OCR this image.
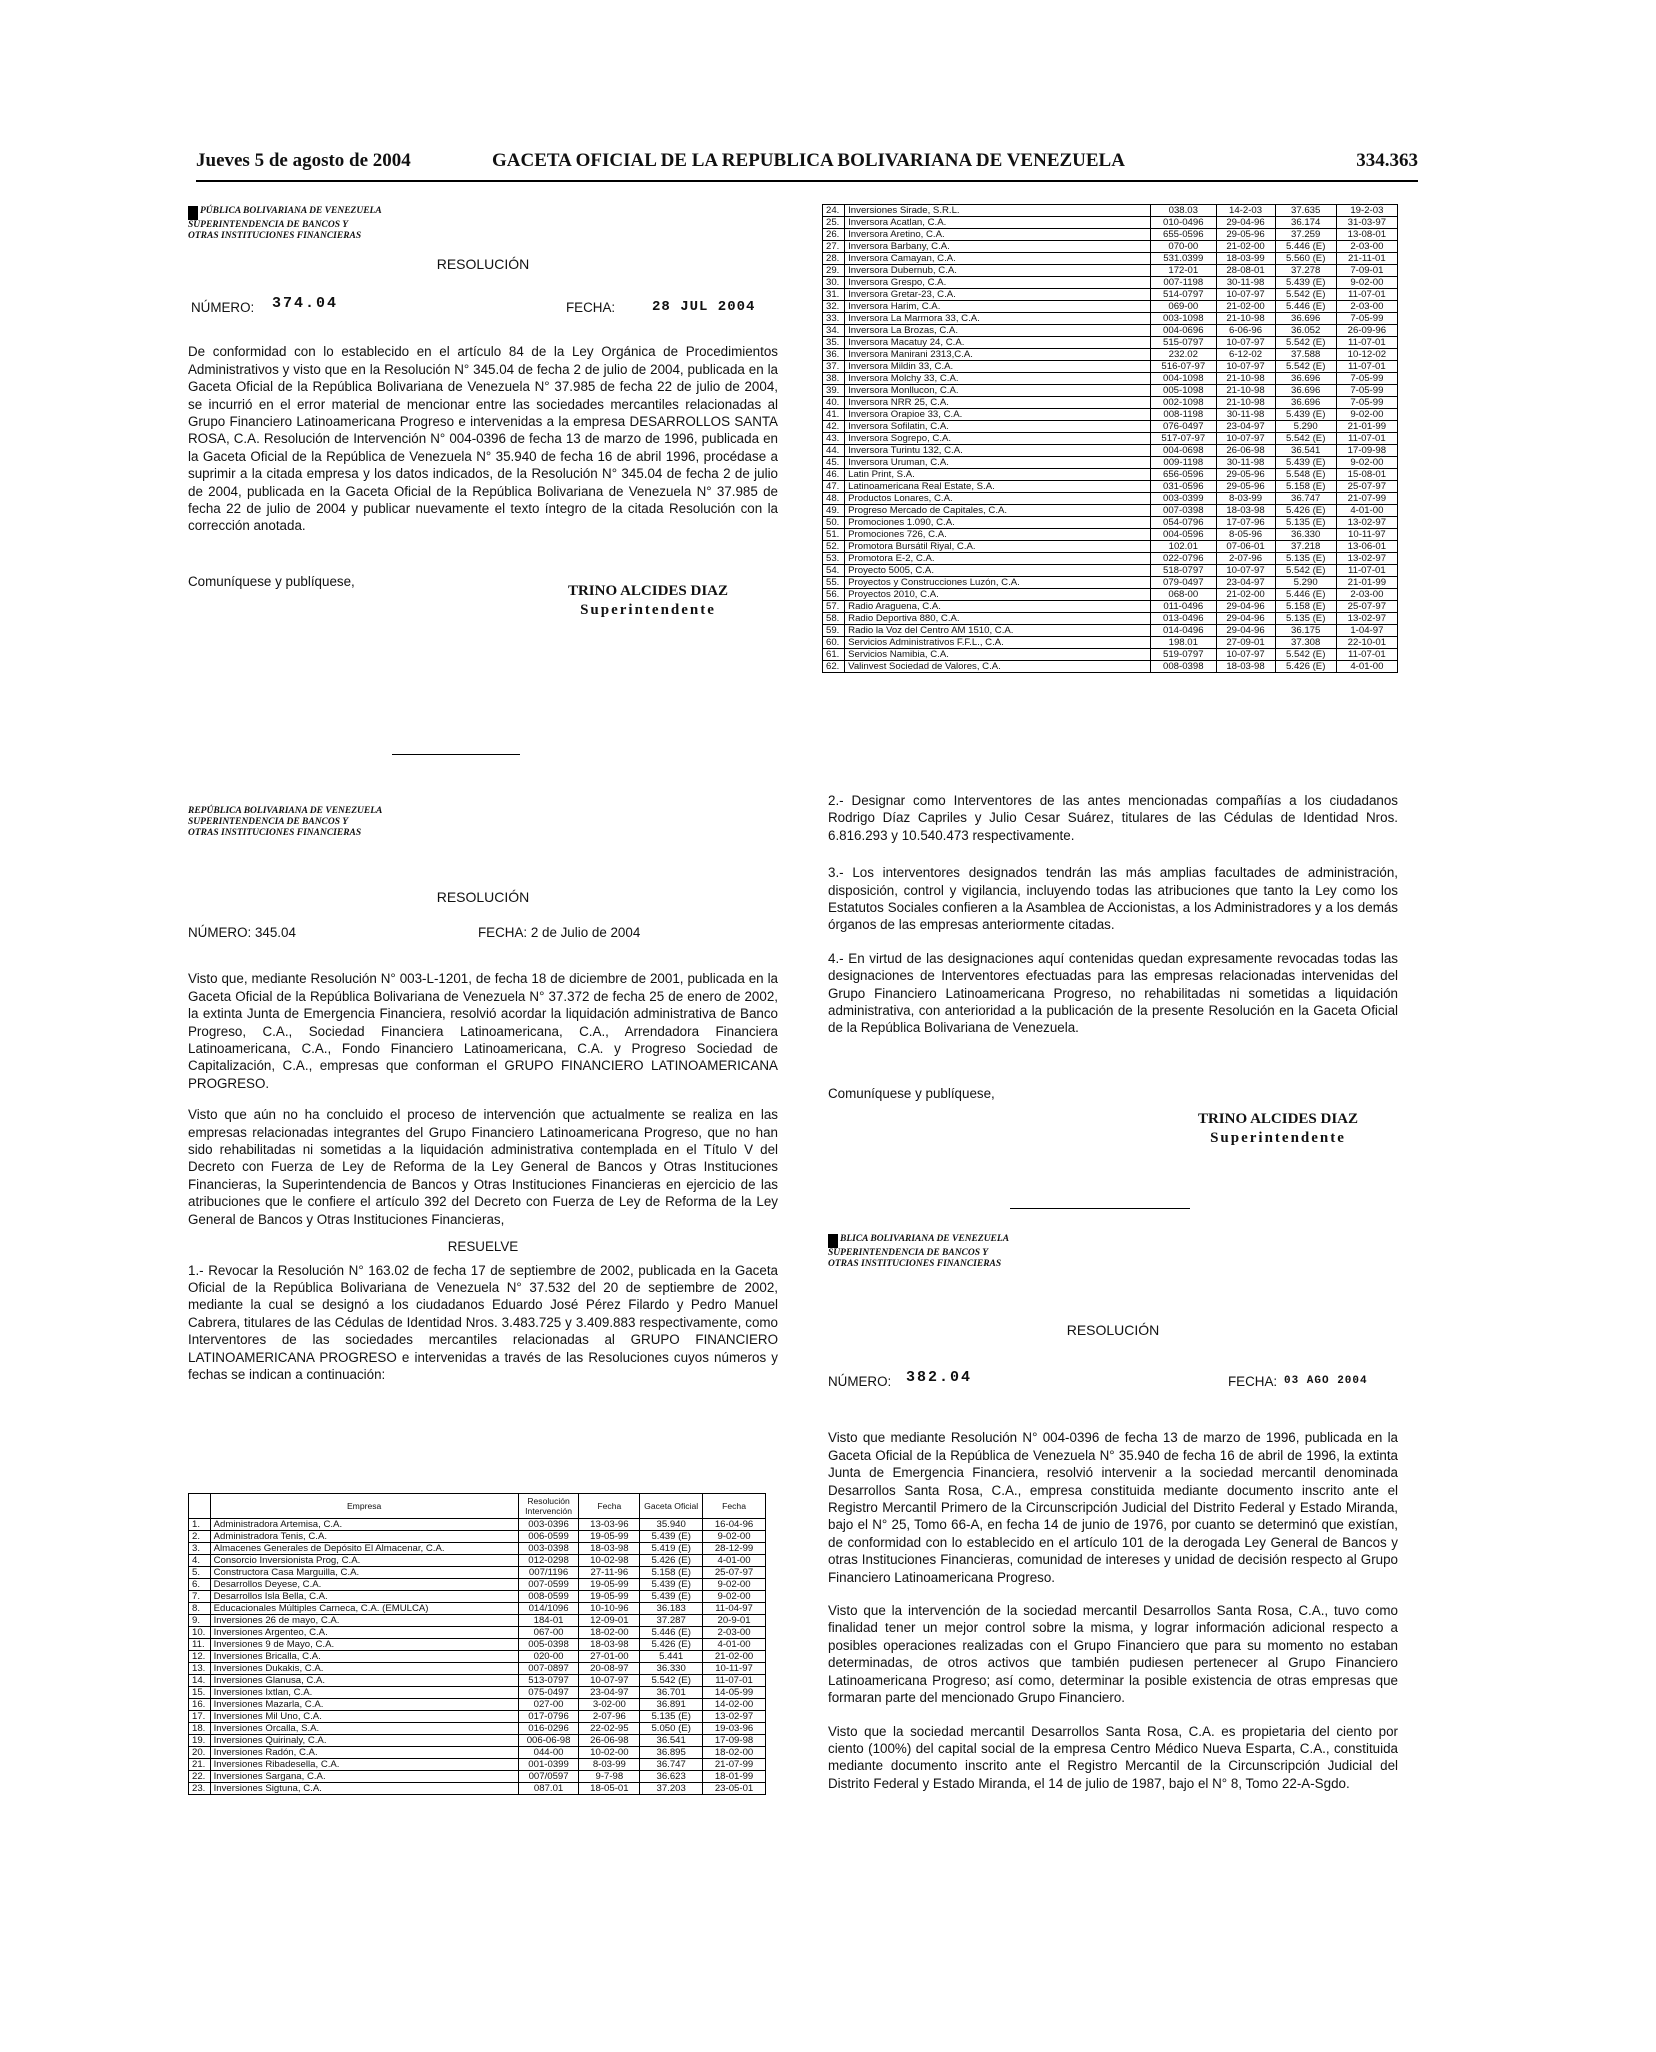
Jueves 5 de agosto de 2004	GACETA OFICIAL DE LA REPUBLICA BOLIVARIANA DE VENEZUELA	334.363
PÚBLICA BOLIVARIANA DE VENEZUELA
SUPERINTENDENCIA DE BANCOS Y
OTRAS INSTITUCIONES FINANCIERAS
RESOLUCIÓN
NÚMERO: 374.04	FECHA:	28 JUL 2004

De conformidad con lo establecido en el artículo 84 de la Ley Orgánica de Procedimientos Administrativos y visto que en la Resolución N° 345.04 de fecha 2 de julio de 2004, publicada en la Gaceta Oficial de la República Bolivariana de Venezuela N° 37.985 de fecha 22 de julio de 2004, se incurrió en el error material de mencionar entre las sociedades mercantiles relacionadas al Grupo Financiero Latinoamericana Progreso e intervenidas a la empresa DESARROLLOS SANTA ROSA, C.A. Resolución de Intervención N° 004-0396 de fecha 13 de marzo de 1996, publicada en la Gaceta Oficial de la República de Venezuela N° 35.940 de fecha 16 de abril 1996, procédase a suprimir a la citada empresa y los datos indicados, de la Resolución N° 345.04 de fecha 2 de julio de 2004, publicada en la Gaceta Oficial de la República Bolivariana de Venezuela N° 37.985 de fecha 22 de julio de 2004 y publicar nuevamente el texto íntegro de la citada Resolución con la corrección anotada.

Comuníquese y publíquese,
TRINO ALCIDES DIAZ
Superintendente
REPÚBLICA BOLIVARIANA DE VENEZUELA
SUPERINTENDENCIA DE BANCOS Y
OTRAS INSTITUCIONES FINANCIERAS
RESOLUCIÓN
NÚMERO: 345.04	FECHA: 2 de Julio de 2004

Visto que, mediante Resolución N° 003-L-1201, de fecha 18 de diciembre de 2001, publicada en la Gaceta Oficial de la República Bolivariana de Venezuela N° 37.372 de fecha 25 de enero de 2002, la extinta Junta de Emergencia Financiera, resolvió acordar la liquidación administrativa de Banco Progreso, C.A., Sociedad Financiera Latinoamericana, C.A., Arrendadora Financiera Latinoamericana, C.A., Fondo Financiero Latinoamericana, C.A. y Progreso Sociedad de Capitalización, C.A., empresas que conforman el GRUPO FINANCIERO LATINOAMERICANA PROGRESO.

Visto que aún no ha concluido el proceso de intervención que actualmente se realiza en las empresas relacionadas integrantes del Grupo Financiero Latinoamericana Progreso, que no han sido rehabilitadas ni sometidas a la liquidación administrativa contemplada en el Título V del Decreto con Fuerza de Ley de Reforma de la Ley General de Bancos y Otras Instituciones Financieras, la Superintendencia de Bancos y Otras Instituciones Financieras en ejercicio de las atribuciones que le confiere el artículo 392 del Decreto con Fuerza de Ley de Reforma de la Ley General de Bancos y Otras Instituciones Financieras,

RESUELVE

1.- Revocar la Resolución N° 163.02 de fecha 17 de septiembre de 2002, publicada en la Gaceta Oficial de la República Bolivariana de Venezuela N° 37.532 del 20 de septiembre de 2002, mediante la cual se designó a los ciudadanos Eduardo José Pérez Filardo y Pedro Manuel Cabrera, titulares de las Cédulas de Identidad Nros. 3.483.725 y 3.409.883 respectivamente, como Interventores de las sociedades mercantiles relacionadas al GRUPO FINANCIERO LATINOAMERICANA PROGRESO e intervenidas a través de las Resoluciones cuyos números y fechas se indican a continuación:

	Empresa	Resolución Intervención	Fecha	Gaceta Oficial	Fecha
1.	Administradora Artemisa, C.A.	003-0396	13-03-96	35.940	16-04-96
2.	Administradora Tenis, C.A.	006-0599	19-05-99	5.439 (E)	9-02-00
3.	Almacenes Generales de Depósito El Almacenar, C.A.	003-0398	18-03-98	5.419 (E)	28-12-99
4.	Consorcio Inversionista Prog, C.A.	012-0298	10-02-98	5.426 (E)	4-01-00
5.	Constructora Casa Marguilla, C.A.	007/1196	27-11-96	5.158 (E)	25-07-97
6.	Desarrollos Deyese, C.A.	007-0599	19-05-99	5.439 (E)	9-02-00
7.	Desarrollos Isla Bella, C.A.	008-0599	19-05-99	5.439 (E)	9-02-00
8.	Educacionales Múltiples Carneca, C.A. (EMULCA)	014/1096	10-10-96	36.183	11-04-97
9.	Inversiones 26 de mayo, C.A.	184-01	12-09-01	37.287	20-9-01
10.	Inversiones Argenteo, C.A.	067-00	18-02-00	5.446 (E)	2-03-00
11.	Inversiones 9 de Mayo, C.A.	005-0398	18-03-98	5.426 (E)	4-01-00
12.	Inversiones Bricalla, C.A.	020-00	27-01-00	5.441	21-02-00
13.	Inversiones Dukakis, C.A.	007-0897	20-08-97	36.330	10-11-97
14.	Inversiones Glanusa, C.A.	513-0797	10-07-97	5.542 (E)	11-07-01
15.	Inversiones Ixtlan, C.A.	075-0497	23-04-97	36.701	14-05-99
16.	Inversiones Mazarla, C.A.	027-00	3-02-00	36.891	14-02-00
17.	Inversiones Mil Uno, C.A.	017-0796	2-07-96	5.135 (E)	13-02-97
18.	Inversiones Orcalla, S.A.	016-0296	22-02-95	5.050 (E)	19-03-96
19.	Inversiones Quirinaly, C.A.	006-06-98	26-06-98	36.541	17-09-98
20.	Inversiones Radón, C.A.	044-00	10-02-00	36.895	18-02-00
21.	Inversiones Ribadesella, C.A.	001-0399	8-03-99	36.747	21-07-99
22.	Inversiones Sargana, C.A.	007/0597	9-7-98	36.623	18-01-99
23.	Inversiones Sigtuna, C.A.	087.01	18-05-01	37.203	23-05-01
24.	Inversiones Sirade, S.R.L.	038.03	14-2-03	37.635	19-2-03
25.	Inversora Acatlan, C.A.	010-0496	29-04-96	36.174	31-03-97
26.	Inversora Aretino, C.A.	655-0596	29-05-96	37.259	13-08-01
27.	Inversora Barbany, C.A.	070-00	21-02-00	5.446 (E)	2-03-00
28.	Inversora Camayan, C.A.	531.0399	18-03-99	5.560 (E)	21-11-01
29.	Inversora Dubernub, C.A.	172-01	28-08-01	37.278	7-09-01
30.	Inversora Grespo, C.A.	007-1198	30-11-98	5.439 (E)	9-02-00
31.	Inversora Gretar-23, C.A.	514-0797	10-07-97	5.542 (E)	11-07-01
32.	Inversora Harim, C.A.	069-00	21-02-00	5.446 (E)	2-03-00
33.	Inversora La Marmora 33, C.A.	003-1098	21-10-98	36.696	7-05-99
34.	Inversora La Brozas, C.A.	004-0696	6-06-96	36.052	26-09-96
35.	Inversora Macatuy 24, C.A.	515-0797	10-07-97	5.542 (E)	11-07-01
36.	Inversora Manirani 2313,C.A.	232.02	6-12-02	37.588	10-12-02
37.	Inversora Mildin 33, C.A.	516-07-97	10-07-97	5.542 (E)	11-07-01
38.	Inversora Molchy 33, C.A.	004-1098	21-10-98	36.696	7-05-99
39.	Inversora Monllucon, C.A.	005-1098	21-10-98	36.696	7-05-99
40.	Inversora NRR 25, C.A.	002-1098	21-10-98	36.696	7-05-99
41.	Inversora Orapioe 33, C.A.	008-1198	30-11-98	5.439 (E)	9-02-00
42.	Inversora Sofilatin, C.A.	076-0497	23-04-97	5.290	21-01-99
43.	Inversora Sogrepo, C.A.	517-07-97	10-07-97	5.542 (E)	11-07-01
44.	Inversora Turintu 132, C.A.	004-0698	26-06-98	36.541	17-09-98
45.	Inversora Uruman, C.A.	009-1198	30-11-98	5.439 (E)	9-02-00
46.	Latin Print, S.A.	656-0596	29-05-96	5.548 (E)	15-08-01
47.	Latinoamericana Real Estate, S.A.	031-0596	29-05-96	5.158 (E)	25-07-97
48.	Productos Lonares, C.A.	003-0399	8-03-99	36.747	21-07-99
49.	Progreso Mercado de Capitales, C.A.	007-0398	18-03-98	5.426 (E)	4-01-00
50.	Promociones 1.090, C.A.	054-0796	17-07-96	5.135 (E)	13-02-97
51.	Promociones 726, C.A.	004-0596	8-05-96	36.330	10-11-97
52.	Promotora Bursátil Riyal, C.A.	102.01	07-06-01	37.218	13-06-01
53.	Promotora E-2, C.A.	022-0796	2-07-96	5.135 (E)	13-02-97
54.	Proyecto 5005, C.A.	518-0797	10-07-97	5.542 (E)	11-07-01
55.	Proyectos y Construcciones Luzón, C.A.	079-0497	23-04-97	5.290	21-01-99
56.	Proyectos 2010, C.A.	068-00	21-02-00	5.446 (E)	2-03-00
57.	Radio Araguena, C.A.	011-0496	29-04-96	5.158 (E)	25-07-97
58.	Radio Deportiva 880, C.A.	013-0496	29-04-96	5.135 (E)	13-02-97
59.	Radio la Voz del Centro AM 1510, C.A.	014-0496	29-04-96	36.175	1-04-97
60.	Servicios Administrativos F.F.L., C.A.	198.01	27-09-01	37.308	22-10-01
61.	Servicios Namibia, C.A.	519-0797	10-07-97	5.542 (E)	11-07-01
62.	Valinvest Sociedad de Valores, C.A.	008-0398	18-03-98	5.426 (E)	4-01-00

2.- Designar como Interventores de las antes mencionadas compañías a los ciudadanos Rodrigo Díaz Capriles y Julio Cesar Suárez, titulares de las Cédulas de Identidad Nros. 6.816.293 y 10.540.473 respectivamente.

3.- Los interventores designados tendrán las más amplias facultades de administración, disposición, control y vigilancia, incluyendo todas las atribuciones que tanto la Ley como los Estatutos Sociales confieren a la Asamblea de Accionistas, a los Administradores y a los demás órganos de las empresas anteriormente citadas.

4.- En virtud de las designaciones aquí contenidas quedan expresamente revocadas todas las designaciones de Interventores efectuadas para las empresas relacionadas intervenidas del Grupo Financiero Latinoamericana Progreso, no rehabilitadas ni sometidas a liquidación administrativa, con anterioridad a la publicación de la presente Resolución en la Gaceta Oficial de la República Bolivariana de Venezuela.

Comuníquese y publíquese,
TRINO ALCIDES DIAZ
Superintendente
BLICA BOLIVARIANA DE VENEZUELA
SUPERINTENDENCIA DE BANCOS Y
OTRAS INSTITUCIONES FINANCIERAS
RESOLUCIÓN
NÚMERO: 382.04	FECHA: 03 AGO 2004

Visto que mediante Resolución N° 004-0396 de fecha 13 de marzo de 1996, publicada en la Gaceta Oficial de la República de Venezuela N° 35.940 de fecha 16 de abril de 1996, la extinta Junta de Emergencia Financiera, resolvió intervenir a la sociedad mercantil denominada Desarrollos Santa Rosa, C.A., empresa constituida mediante documento inscrito ante el Registro Mercantil Primero de la Circunscripción Judicial del Distrito Federal y Estado Miranda, bajo el N° 25, Tomo 66-A, en fecha 14 de junio de 1976, por cuanto se determinó que existían, de conformidad con lo establecido en el artículo 101 de la derogada Ley General de Bancos y otras Instituciones Financieras, comunidad de intereses y unidad de decisión respecto al Grupo Financiero Latinoamericana Progreso.

Visto que la intervención de la sociedad mercantil Desarrollos Santa Rosa, C.A., tuvo como finalidad tener un mejor control sobre la misma, y lograr información adicional respecto a posibles operaciones realizadas con el Grupo Financiero que para su momento no estaban determinadas, de otros activos que también pudiesen pertenecer al Grupo Financiero Latinoamericana Progreso; así como, determinar la posible existencia de otras empresas que formaran parte del mencionado Grupo Financiero.

Visto que la sociedad mercantil Desarrollos Santa Rosa, C.A. es propietaria del ciento por ciento (100%) del capital social de la empresa Centro Médico Nueva Esparta, C.A., constituida mediante documento inscrito ante el Registro Mercantil de la Circunscripción Judicial del Distrito Federal y Estado Miranda, el 14 de julio de 1987, bajo el N° 8, Tomo 22-A-Sgdo.
